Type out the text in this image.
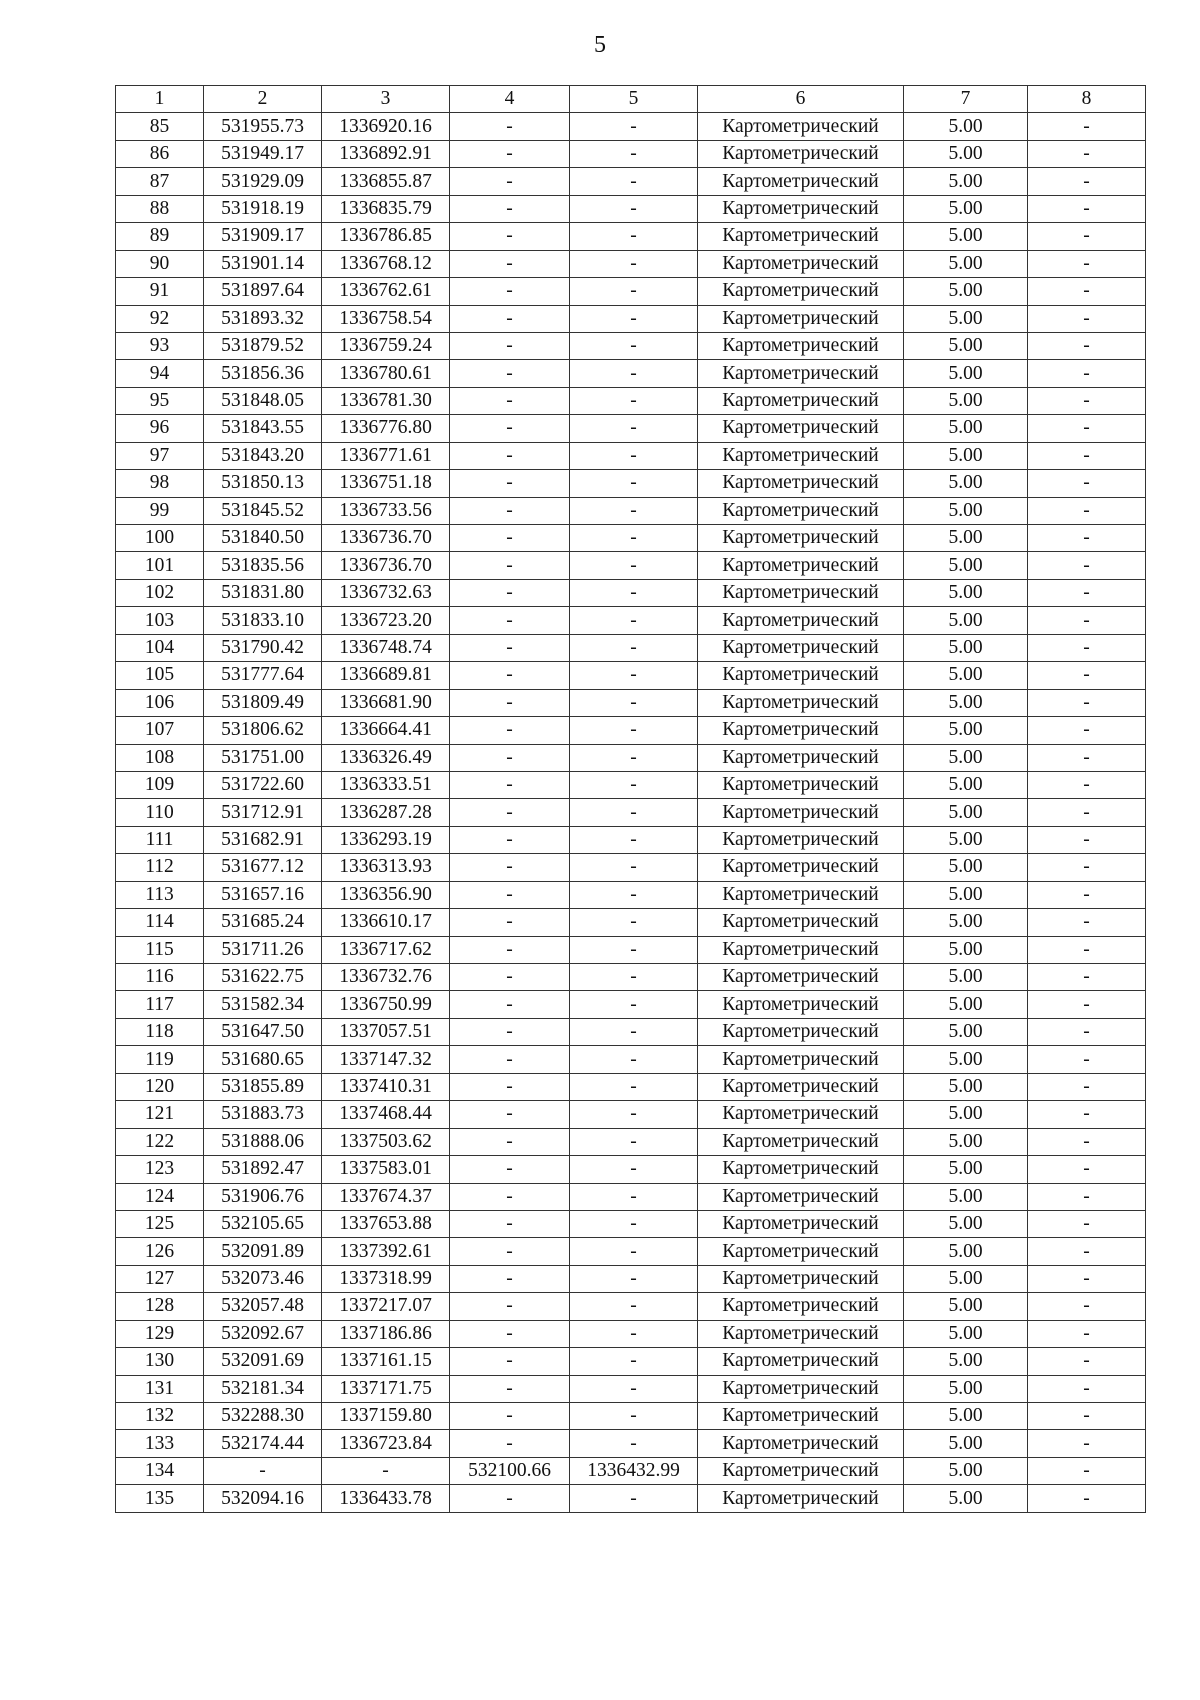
5
1	2	3	4	5	6	7	8
85	531955.73	1336920.16	-	-	Картометрический	5.00	-
86	531949.17	1336892.91	-	-	Картометрический	5.00	-
87	531929.09	1336855.87	-	-	Картометрический	5.00	-
88	531918.19	1336835.79	-	-	Картометрический	5.00	-
89	531909.17	1336786.85	-	-	Картометрический	5.00	-
90	531901.14	1336768.12	-	-	Картометрический	5.00	-
91	531897.64	1336762.61	-	-	Картометрический	5.00	-
92	531893.32	1336758.54	-	-	Картометрический	5.00	-
93	531879.52	1336759.24	-	-	Картометрический	5.00	-
94	531856.36	1336780.61	-	-	Картометрический	5.00	-
95	531848.05	1336781.30	-	-	Картометрический	5.00	-
96	531843.55	1336776.80	-	-	Картометрический	5.00	-
97	531843.20	1336771.61	-	-	Картометрический	5.00	-
98	531850.13	1336751.18	-	-	Картометрический	5.00	-
99	531845.52	1336733.56	-	-	Картометрический	5.00	-
100	531840.50	1336736.70	-	-	Картометрический	5.00	-
101	531835.56	1336736.70	-	-	Картометрический	5.00	-
102	531831.80	1336732.63	-	-	Картометрический	5.00	-
103	531833.10	1336723.20	-	-	Картометрический	5.00	-
104	531790.42	1336748.74	-	-	Картометрический	5.00	-
105	531777.64	1336689.81	-	-	Картометрический	5.00	-
106	531809.49	1336681.90	-	-	Картометрический	5.00	-
107	531806.62	1336664.41	-	-	Картометрический	5.00	-
108	531751.00	1336326.49	-	-	Картометрический	5.00	-
109	531722.60	1336333.51	-	-	Картометрический	5.00	-
110	531712.91	1336287.28	-	-	Картометрический	5.00	-
111	531682.91	1336293.19	-	-	Картометрический	5.00	-
112	531677.12	1336313.93	-	-	Картометрический	5.00	-
113	531657.16	1336356.90	-	-	Картометрический	5.00	-
114	531685.24	1336610.17	-	-	Картометрический	5.00	-
115	531711.26	1336717.62	-	-	Картометрический	5.00	-
116	531622.75	1336732.76	-	-	Картометрический	5.00	-
117	531582.34	1336750.99	-	-	Картометрический	5.00	-
118	531647.50	1337057.51	-	-	Картометрический	5.00	-
119	531680.65	1337147.32	-	-	Картометрический	5.00	-
120	531855.89	1337410.31	-	-	Картометрический	5.00	-
121	531883.73	1337468.44	-	-	Картометрический	5.00	-
122	531888.06	1337503.62	-	-	Картометрический	5.00	-
123	531892.47	1337583.01	-	-	Картометрический	5.00	-
124	531906.76	1337674.37	-	-	Картометрический	5.00	-
125	532105.65	1337653.88	-	-	Картометрический	5.00	-
126	532091.89	1337392.61	-	-	Картометрический	5.00	-
127	532073.46	1337318.99	-	-	Картометрический	5.00	-
128	532057.48	1337217.07	-	-	Картометрический	5.00	-
129	532092.67	1337186.86	-	-	Картометрический	5.00	-
130	532091.69	1337161.15	-	-	Картометрический	5.00	-
131	532181.34	1337171.75	-	-	Картометрический	5.00	-
132	532288.30	1337159.80	-	-	Картометрический	5.00	-
133	532174.44	1336723.84	-	-	Картометрический	5.00	-
134	-	-	532100.66	1336432.99	Картометрический	5.00	-
135	532094.16	1336433.78	-	-	Картометрический	5.00	-
